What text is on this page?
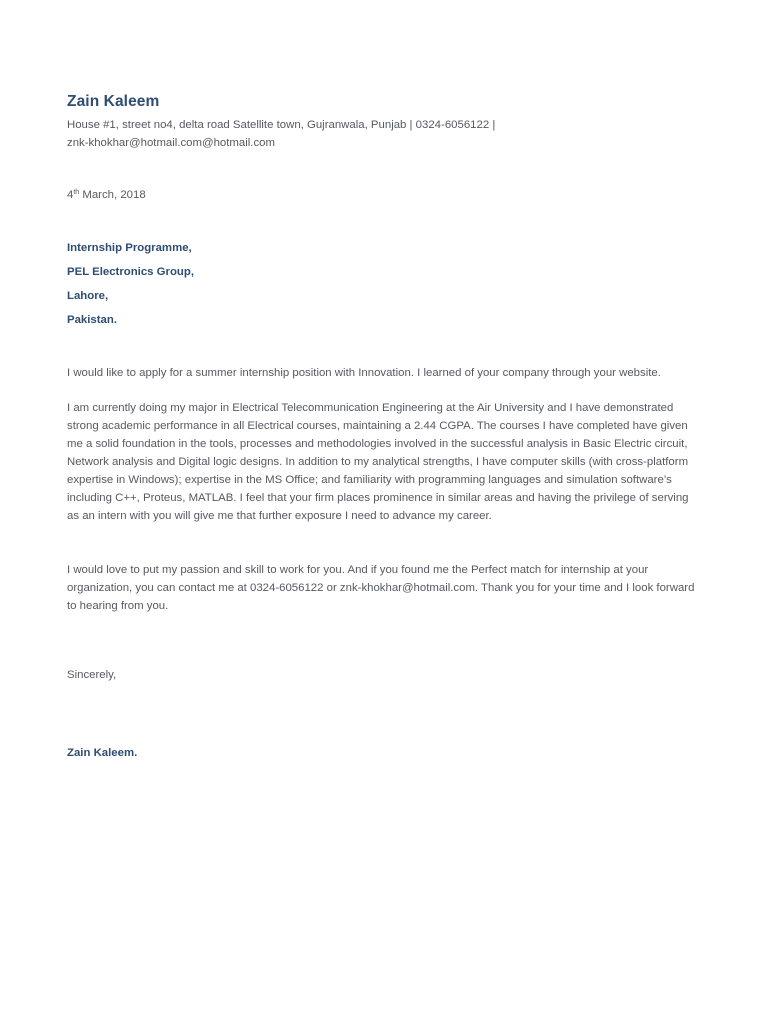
Zain Kaleem
House #1, street no4, delta road Satellite town, Gujranwala, Punjab | 0324-6056122 |
znk-khokhar@hotmail.com@hotmail.com
4th March, 2018
Internship Programme,
PEL Electronics Group,
Lahore,
Pakistan.

I would like to apply for a summer internship position with Innovation. I learned of your company through your website.

I am currently doing my major in Electrical Telecommunication Engineering at the Air University and I have demonstrated strong academic performance in all Electrical courses, maintaining a 2.44 CGPA. The courses I have completed have given me a solid foundation in the tools, processes and methodologies involved in the successful analysis in Basic Electric circuit, Network analysis and Digital logic designs. In addition to my analytical strengths, I have computer skills (with cross-platform expertise in Windows); expertise in the MS Office; and familiarity with programming languages and simulation software’s including C++, Proteus, MATLAB. I feel that your firm places prominence in similar areas and having the privilege of serving as an intern with you will give me that further exposure I need to advance my career.

I would love to put my passion and skill to work for you. And if you found me the Perfect match for internship at your organization, you can contact me at 0324-6056122 or znk-khokhar@hotmail.com. Thank you for your time and I look forward to hearing from you.

Sincerely,
Zain Kaleem.
